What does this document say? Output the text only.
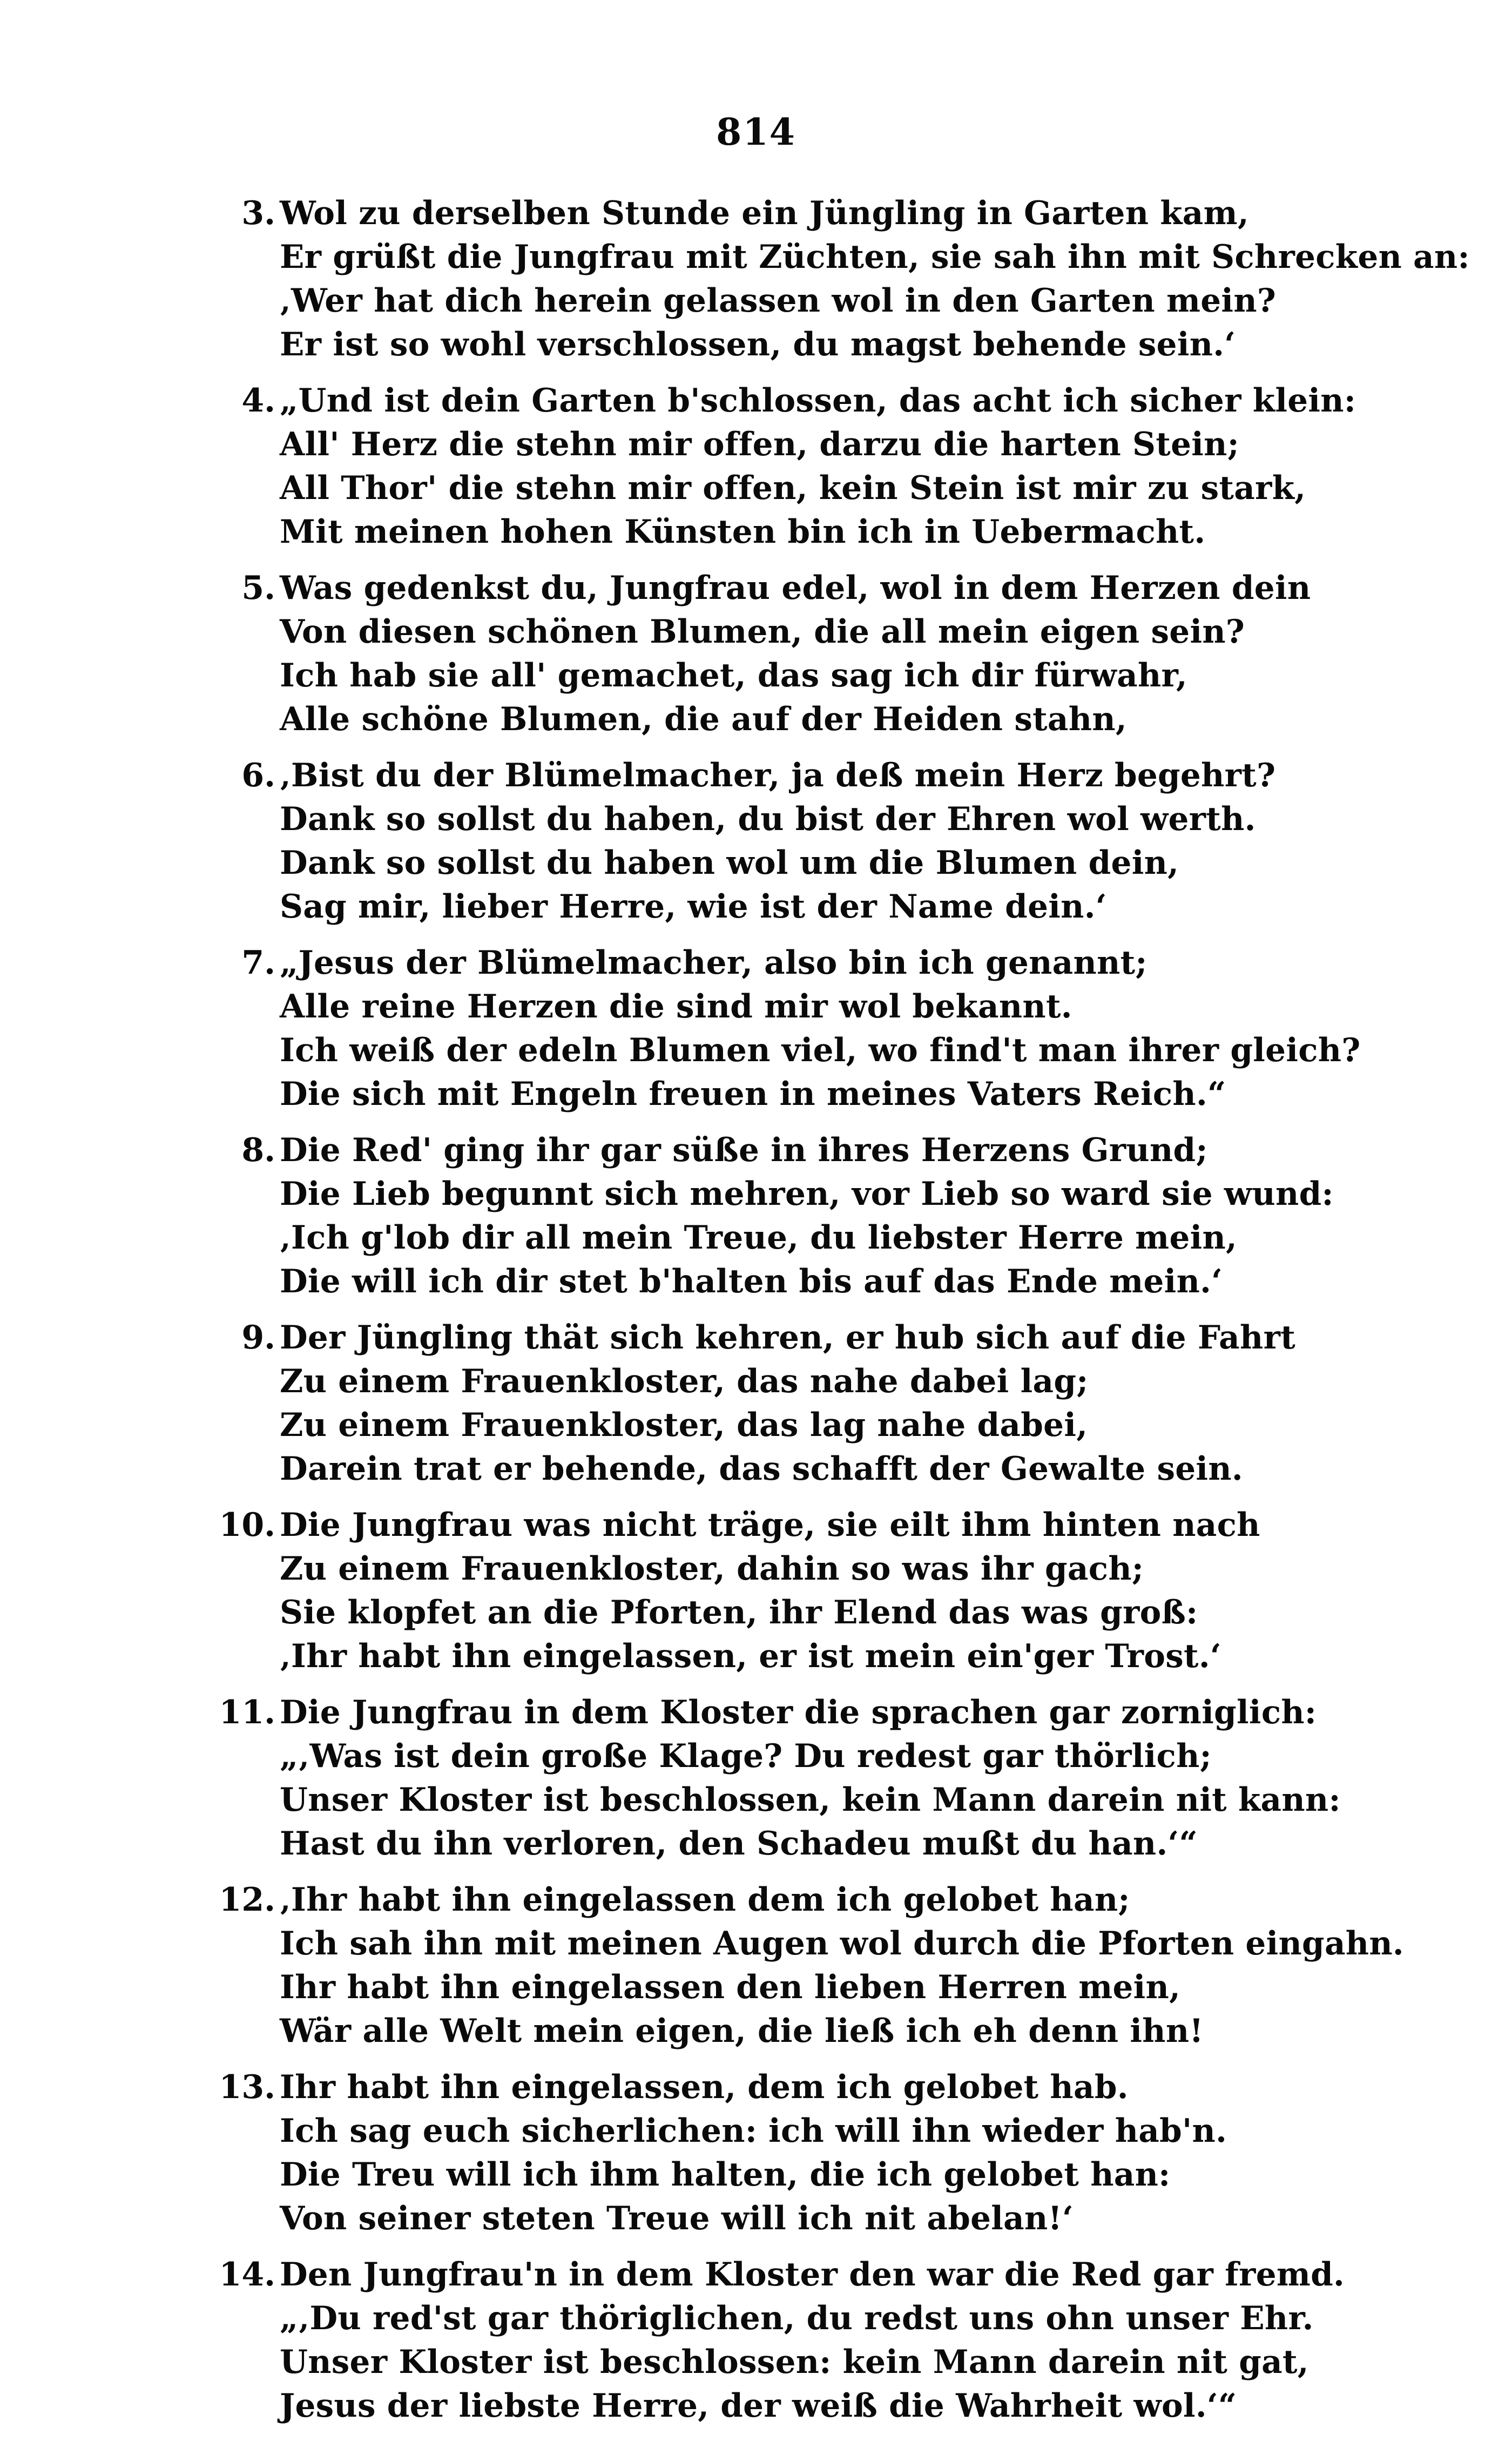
814
3. Wol zu derselben Stunde ein Jüngling in Garten kam,
Er grüßt die Jungfrau mit Züchten, sie sah ihn mit Schrecken an:
‚Wer hat dich herein gelassen wol in den Garten mein?
Er ist so wohl verschlossen, du magst behende sein.‘
4. „Und ist dein Garten b'schlossen, das acht ich sicher klein:
All' Herz die stehn mir offen, darzu die harten Stein;
All Thor' die stehn mir offen, kein Stein ist mir zu stark,
Mit meinen hohen Künsten bin ich in Uebermacht.
5. Was gedenkst du, Jungfrau edel, wol in dem Herzen dein
Von diesen schönen Blumen, die all mein eigen sein?
Ich hab sie all' gemachet, das sag ich dir fürwahr,
Alle schöne Blumen, die auf der Heiden stahn,
6. ‚Bist du der Blümelmacher, ja deß mein Herz begehrt?
Dank so sollst du haben, du bist der Ehren wol werth.
Dank so sollst du haben wol um die Blumen dein,
Sag mir, lieber Herre, wie ist der Name dein.‘
7. „Jesus der Blümelmacher, also bin ich genannt;
Alle reine Herzen die sind mir wol bekannt.
Ich weiß der edeln Blumen viel, wo find't man ihrer gleich?
Die sich mit Engeln freuen in meines Vaters Reich.“
8. Die Red' ging ihr gar süße in ihres Herzens Grund;
Die Lieb begunnt sich mehren, vor Lieb so ward sie wund:
‚Ich g'lob dir all mein Treue, du liebster Herre mein,
Die will ich dir stet b'halten bis auf das Ende mein.‘
9. Der Jüngling thät sich kehren, er hub sich auf die Fahrt
Zu einem Frauenkloster, das nahe dabei lag;
Zu einem Frauenkloster, das lag nahe dabei,
Darein trat er behende, das schafft der Gewalte sein.
10. Die Jungfrau was nicht träge, sie eilt ihm hinten nach
Zu einem Frauenkloster, dahin so was ihr gach;
Sie klopfet an die Pforten, ihr Elend das was groß:
‚Ihr habt ihn eingelassen, er ist mein ein'ger Trost.‘
11. Die Jungfrau in dem Kloster die sprachen gar zorniglich:
„‚Was ist dein große Klage? Du redest gar thörlich;
Unser Kloster ist beschlossen, kein Mann darein nit kann:
Hast du ihn verloren, den Schadeu mußt du han.‘“
12. ‚Ihr habt ihn eingelassen dem ich gelobet han;
Ich sah ihn mit meinen Augen wol durch die Pforten eingahn.
Ihr habt ihn eingelassen den lieben Herren mein,
Wär alle Welt mein eigen, die ließ ich eh denn ihn!
13. Ihr habt ihn eingelassen, dem ich gelobet hab.
Ich sag euch sicherlichen: ich will ihn wieder hab'n.
Die Treu will ich ihm halten, die ich gelobet han:
Von seiner steten Treue will ich nit abelan!‘
14. Den Jungfrau'n in dem Kloster den war die Red gar fremd.
„‚Du red'st gar thöriglichen, du redst uns ohn unser Ehr.
Unser Kloster ist beschlossen: kein Mann darein nit gat,
Jesus der liebste Herre, der weiß die Wahrheit wol.‘“
